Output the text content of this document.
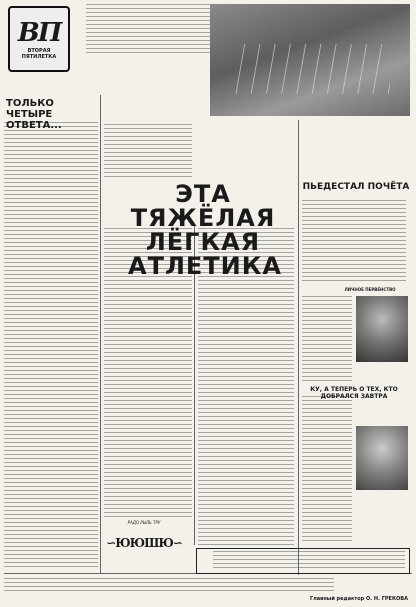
ВП
ВТОРАЯ ПЯТИЛЕТКА
ТОЛЬКО ЧЕТЫРЕ ОТВЕТА...
ЭТА ТЯЖЁЛАЯ ЛЁГКАЯ АТЛЕТИКА
ПЬЕДЕСТАЛ ПОЧЁТА
ЛИЧНОЕ ПЕРВЕНСТВО
КУ, А ТЕПЕРЬ О ТЕХ, КТО ДОБРАЛСЯ ЗАВТРА
РАДО РЫЛЬ ТРУ
∽ЮЮШЮ∽
Главный редактор О. Н. ГРЕКОВА
